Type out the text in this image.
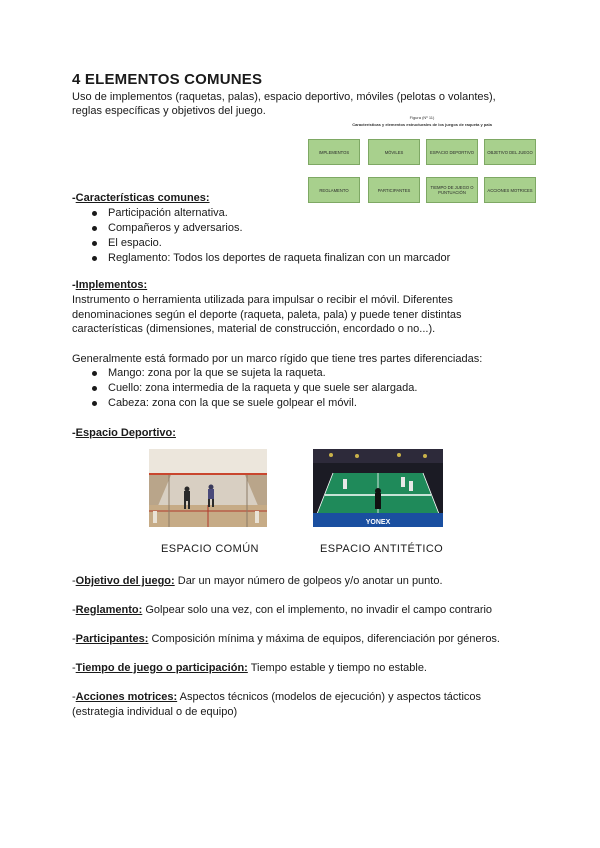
4 ELEMENTOS COMUNES
Uso de implementos (raquetas, palas), espacio deportivo, móviles (pelotas o volantes), reglas específicas y objetivos del juego.
Figura (Nº 11)
Características y elementos estructurales de los juegos de raqueta y pala
IMPLEMENTOS	MÓVILES	ESPACIO DEPORTIVO	OBJETIVO DEL JUEGO
REGLAMENTO	PARTICIPANTES	TIEMPO DE JUEGO O PUNTUACIÓN	ACCIONES MOTRICES
-Características comunes:
Participación alternativa.
Compañeros y adversarios.
El espacio.
Reglamento: Todos los deportes de raqueta finalizan con un marcador
-Implementos:
Instrumento o herramienta utilizada para impulsar o recibir el móvil. Diferentes denominaciones según el deporte (raqueta, paleta, pala) y puede tener distintas características (dimensiones, material de construcción, encordado o no...).
Generalmente está formado por un marco rígido que tiene tres partes diferenciadas:
Mango: zona por la que se sujeta la raqueta.
Cuello: zona intermedia de la raqueta y que suele ser alargada.
Cabeza: zona con la que se suele golpear el móvil.
-Espacio Deportivo:
YONEX
ESPACIO COMÚN	ESPACIO ANTITÉTICO
-Objetivo del juego: Dar un mayor número de golpeos y/o anotar un punto.
-Reglamento: Golpear solo una vez, con el implemento, no invadir el campo contrario
-Participantes: Composición mínima y máxima de equipos, diferenciación por géneros.
-Tiempo de juego o participación: Tiempo estable y tiempo no estable.
-Acciones motrices: Aspectos técnicos (modelos de ejecución) y aspectos tácticos (estrategia individual o de equipo)
